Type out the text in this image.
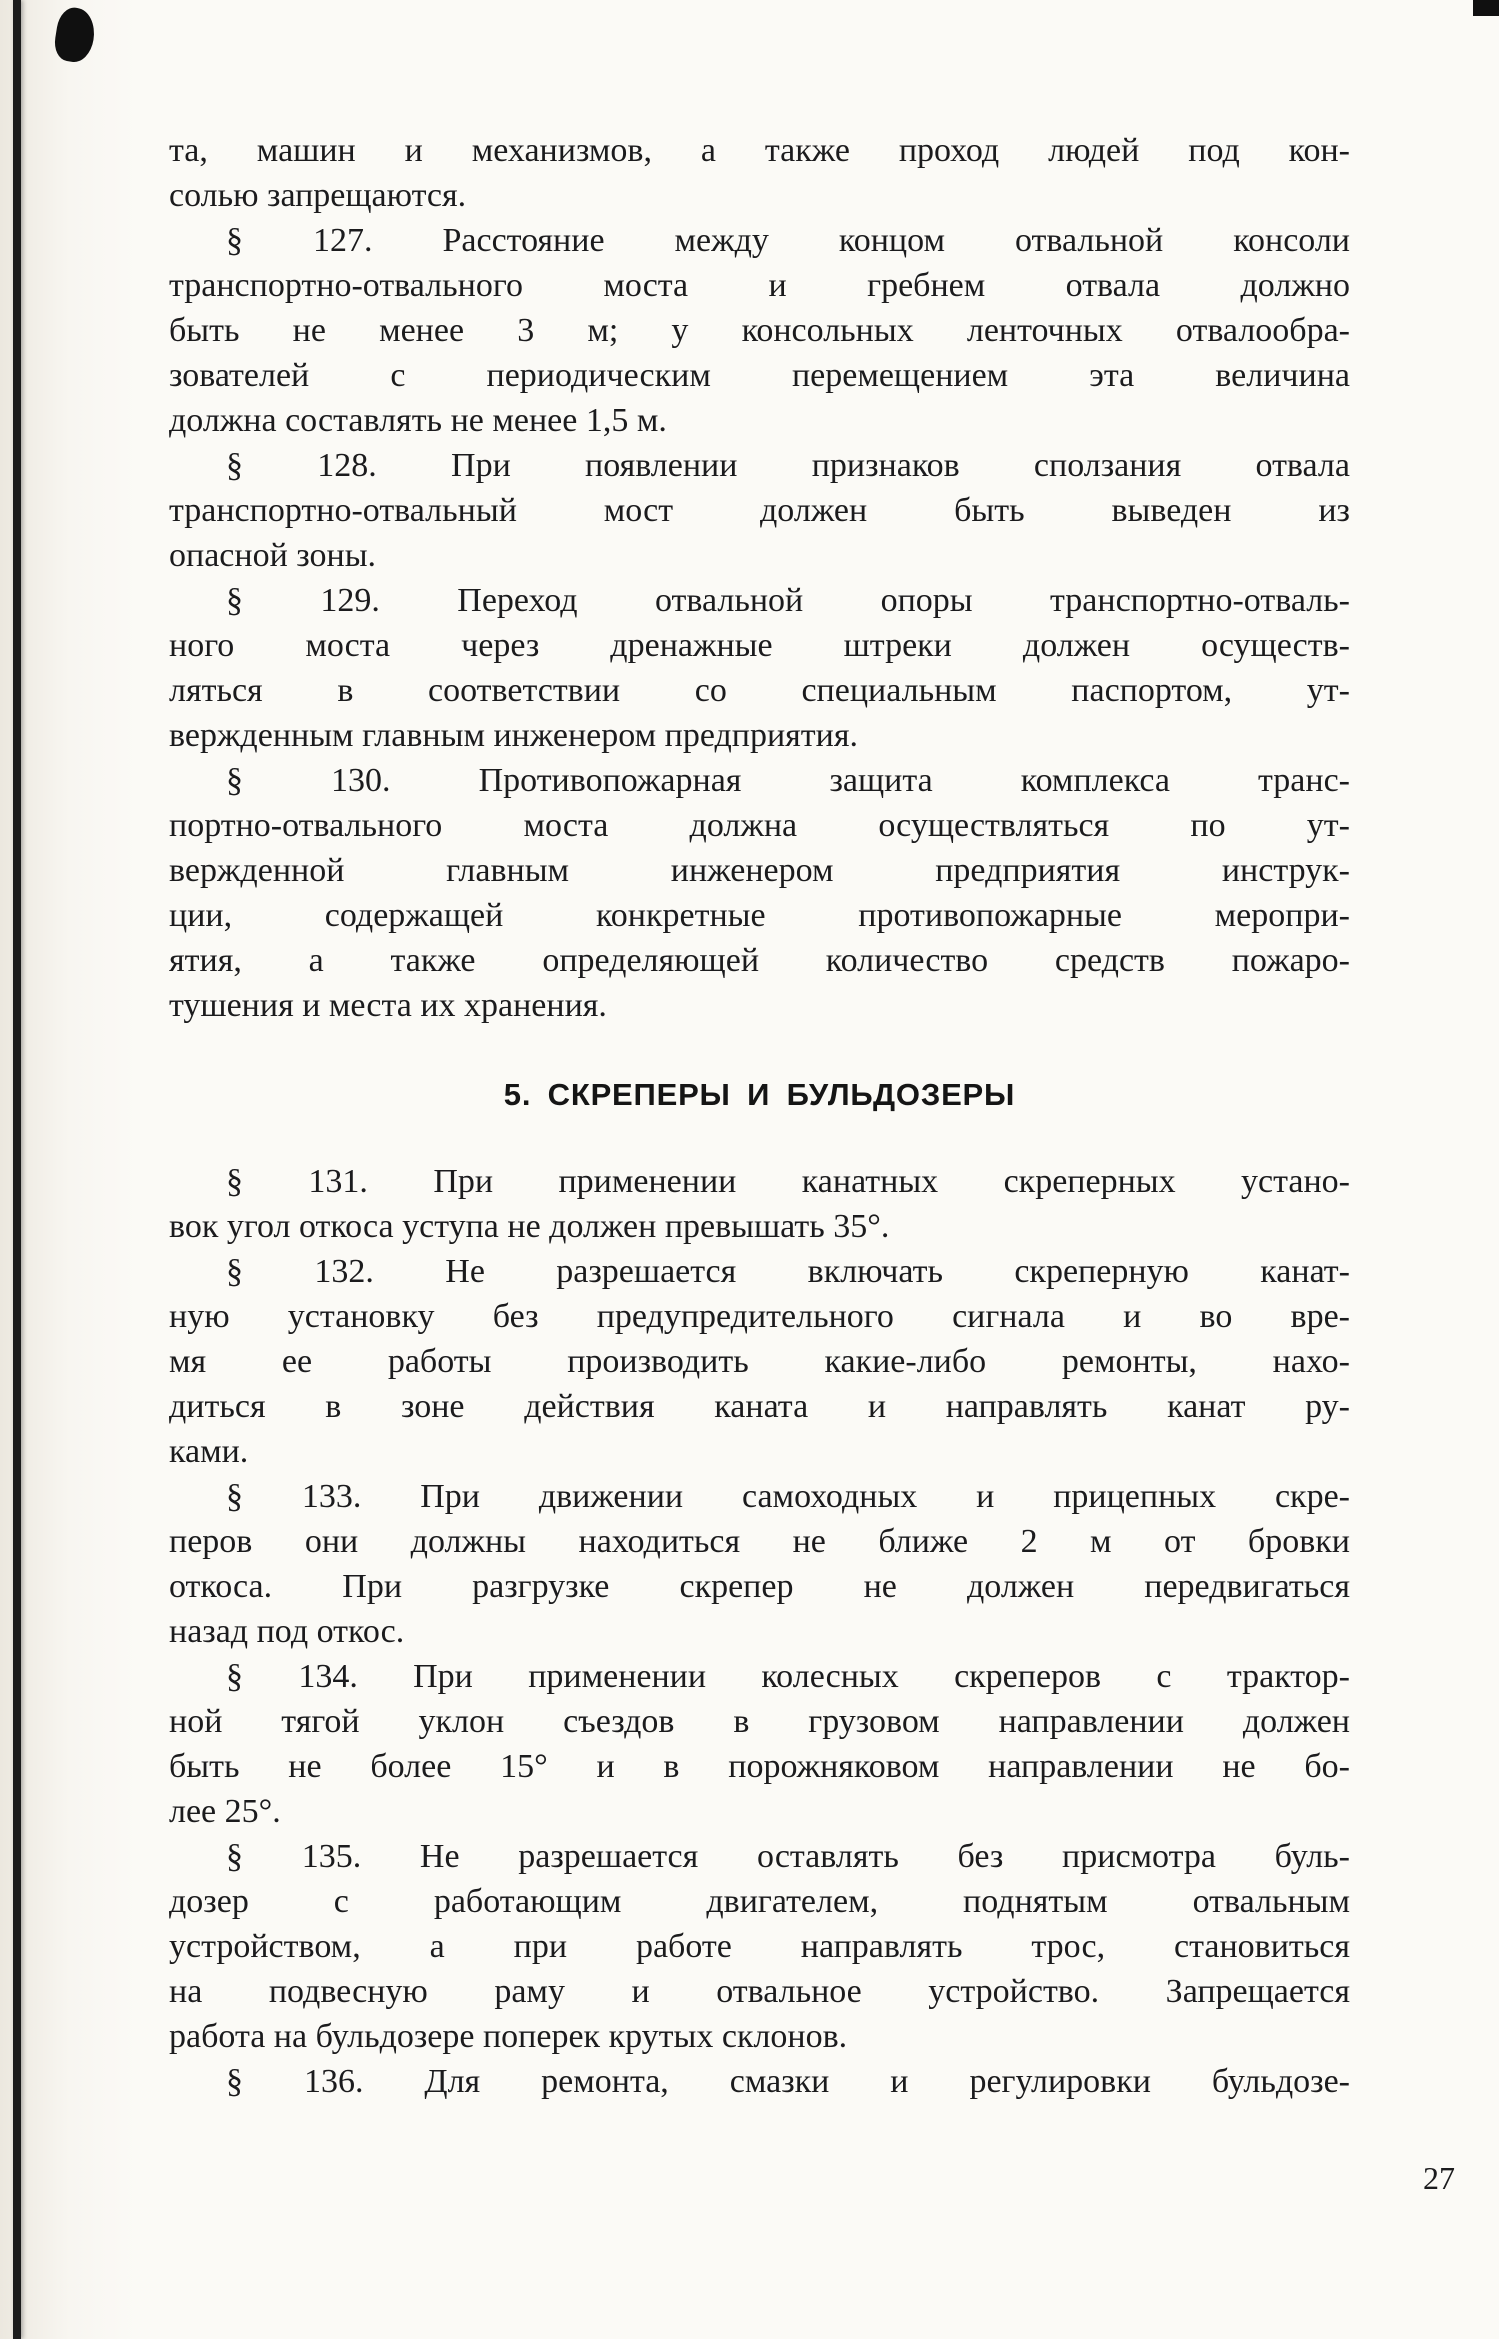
та, машин и механизмов, а также проход людей под кон-
солью запрещаются.
§ 127. Расстояние между концом отвальной консоли
транспортно-отвального моста и гребнем отвала должно
быть не менее 3 м; у консольных ленточных отвалообра-
зователей с периодическим перемещением эта величина
должна составлять не менее 1,5 м.
§ 128. При появлении признаков сползания отвала
транспортно-отвальный мост должен быть выведен из
опасной зоны.
§ 129. Переход отвальной опоры транспортно-отваль-
ного моста через дренажные штреки должен осуществ-
ляться в соответствии со специальным паспортом, ут-
вержденным главным инженером предприятия.
§ 130. Противопожарная защита комплекса транс-
портно-отвального моста должна осуществляться по ут-
вержденной главным инженером предприятия инструк-
ции, содержащей конкретные противопожарные меропри-
ятия, а также определяющей количество средств пожаро-
тушения и места их хранения.
5. СКРЕПЕРЫ И БУЛЬДОЗЕРЫ
§ 131. При применении канатных скреперных устано-
вок угол откоса уступа не должен превышать 35°.
§ 132. Не разрешается включать скреперную канат-
ную установку без предупредительного сигнала и во вре-
мя ее работы производить какие-либо ремонты, нахо-
диться в зоне действия каната и направлять канат ру-
ками.
§ 133. При движении самоходных и прицепных скре-
перов они должны находиться не ближе 2 м от бровки
откоса. При разгрузке скрепер не должен передвигаться
назад под откос.
§ 134. При применении колесных скреперов с трактор-
ной тягой уклон съездов в грузовом направлении должен
быть не более 15° и в порожняковом направлении не бо-
лее 25°.
§ 135. Не разрешается оставлять без присмотра буль-
дозер с работающим двигателем, поднятым отвальным
устройством, а при работе направлять трос, становиться
на подвесную раму и отвальное устройство. Запрещается
работа на бульдозере поперек крутых склонов.
§ 136. Для ремонта, смазки и регулировки бульдозе-
27
